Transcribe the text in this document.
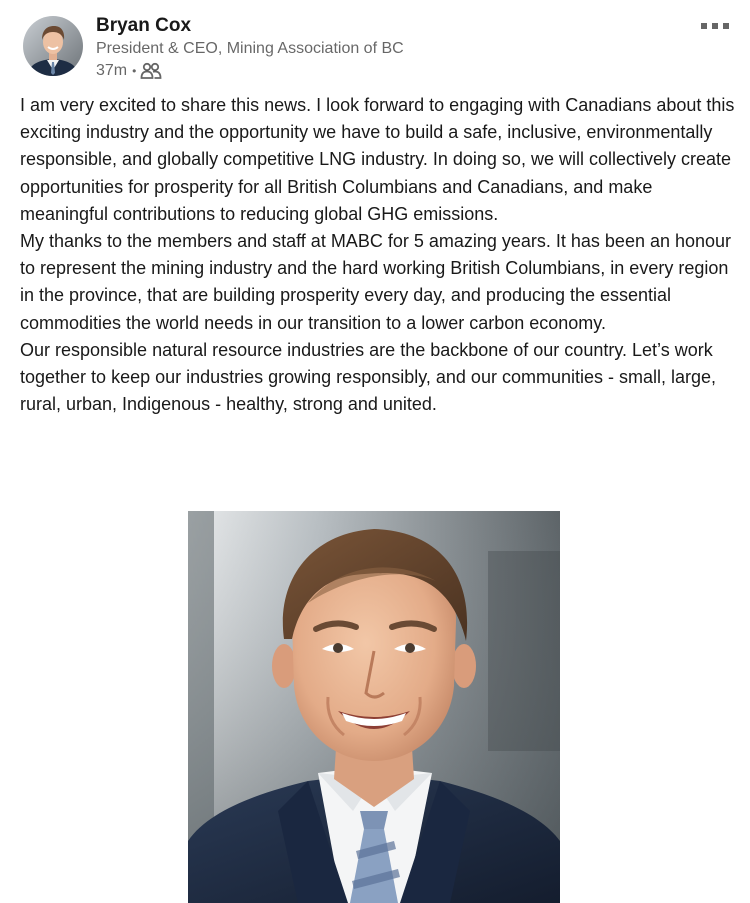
Bryan Cox
President & CEO, Mining Association of BC
37m •

I am very excited to share this news. I look forward to engaging with Canadians about this exciting industry and the opportunity we have to build a safe, inclusive, environmentally responsible, and globally competitive LNG industry. In doing so, we will collectively create opportunities for prosperity for all British Columbians and Canadians, and make meaningful contributions to reducing global GHG emissions.

My thanks to the members and staff at MABC for 5 amazing years. It has been an honour to represent the mining industry and the hard working British Columbians, in every region in the province, that are building prosperity every day, and producing the essential commodities the world needs in our transition to a lower carbon economy.

Our responsible natural resource industries are the backbone of our country. Let’s work together to keep our industries growing responsibly, and our communities - small, large, rural, urban, Indigenous - healthy, strong and united.
